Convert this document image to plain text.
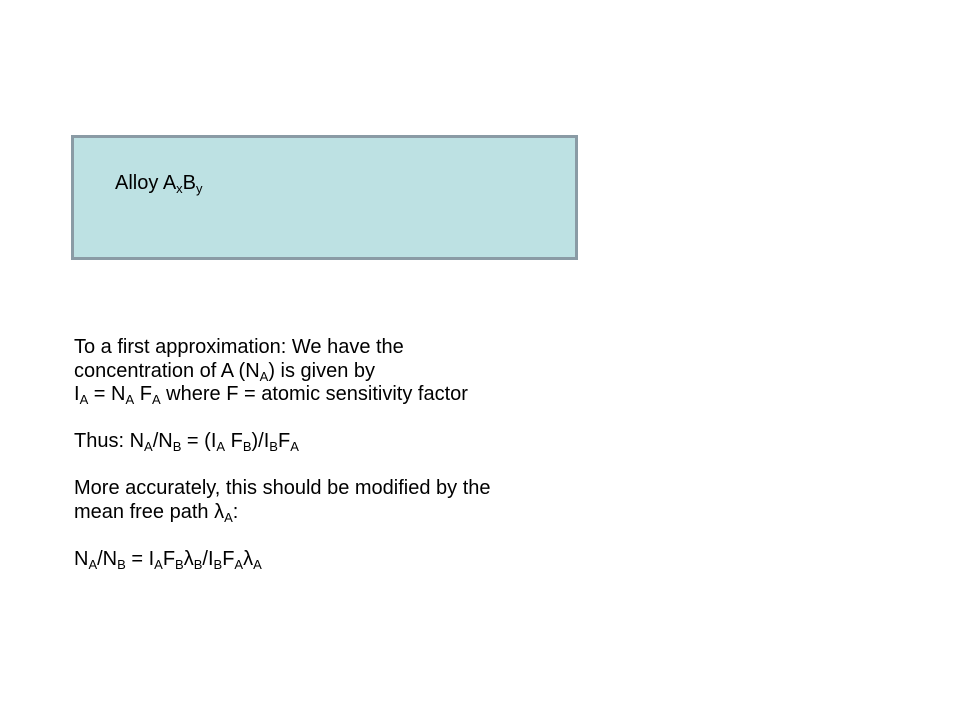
Alloy $A_xB_y$
To a first approximation: We have the
concentration of A $(N_A)$ is given by
$I_A = N_A$ $F_A$ where F = atomic sensitivity factor
Thus: $N_A/N_B = (I_A$ $F_B)/I_BF_A$
More accurately, this should be modified by the
mean free path $\lambda_A$:
$N_A/N_B = I_AF_B\lambda_B/I_BF_A\lambda_A$
